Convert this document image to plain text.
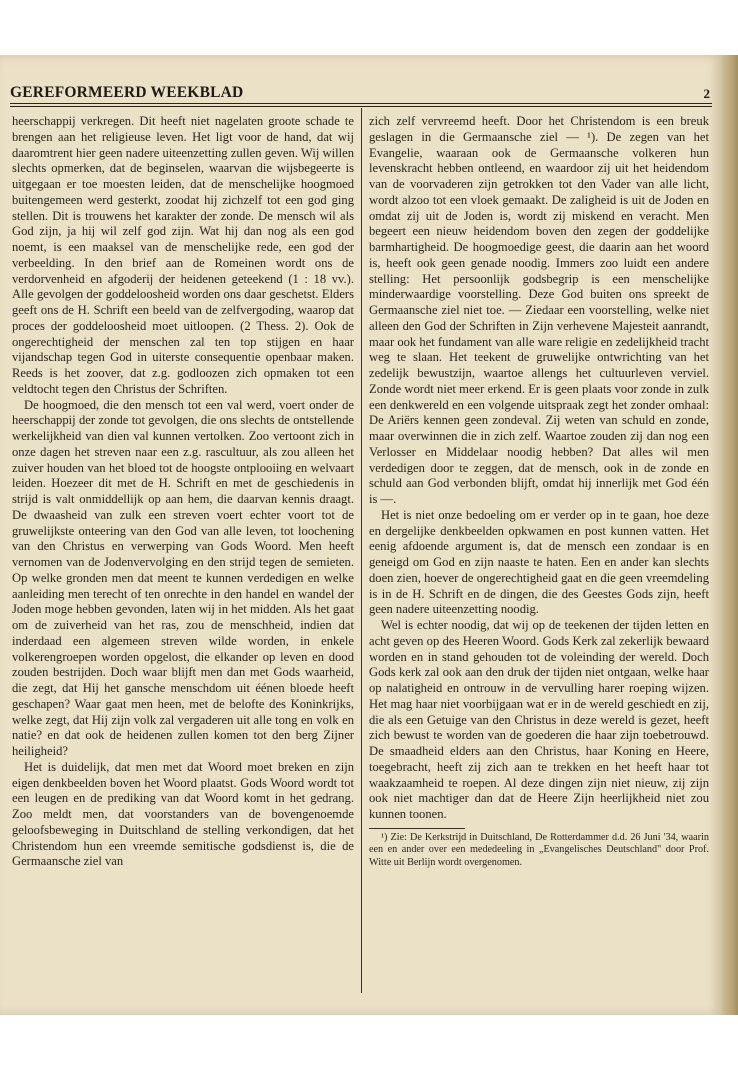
GEREFORMEERD WEEKBLAD	2

heerschappij verkregen. Dit heeft niet nagelaten groote schade te brengen aan het religieuse leven. Het ligt voor de hand, dat wij daaromtrent hier geen nadere uiteenzetting zullen geven. Wij willen slechts opmerken, dat de beginselen, waarvan die wijsbegeerte is uitgegaan er toe moesten leiden, dat de menschelijke hoogmoed buitengemeen werd gesterkt, zoodat hij zichzelf tot een god ging stellen. Dit is trouwens het karakter der zonde. De mensch wil als God zijn, ja hij wil zelf god zijn. Wat hij dan nog als een god noemt, is een maaksel van de menschelijke rede, een god der verbeelding. In den brief aan de Romeinen wordt ons de verdorvenheid en afgoderij der heidenen geteekend (1 : 18 vv.). Alle gevolgen der goddeloosheid worden ons daar geschetst. Elders geeft ons de H. Schrift een beeld van de zelfvergoding, waarop dat proces der goddeloosheid moet uitloopen. (2 Thess. 2). Ook de ongerechtigheid der menschen zal ten top stijgen en haar vijandschap tegen God in uiterste consequentie openbaar maken. Reeds is het zoover, dat z.g. godloozen zich opmaken tot een veldtocht tegen den Christus der Schriften.

De hoogmoed, die den mensch tot een val werd, voert onder de heerschappij der zonde tot gevolgen, die ons slechts de ontstellende werkelijkheid van dien val kunnen vertolken. Zoo vertoont zich in onze dagen het streven naar een z.g. rascultuur, als zou alleen het zuiver houden van het bloed tot de hoogste ontplooiing en welvaart leiden. Hoezeer dit met de H. Schrift en met de geschiedenis in strijd is valt onmiddellijk op aan hem, die daarvan kennis draagt. De dwaasheid van zulk een streven voert echter voort tot de gruwelijkste onteering van den God van alle leven, tot loochening van den Christus en verwerping van Gods Woord. Men heeft vernomen van de Jodenvervolging en den strijd tegen de semieten. Op welke gronden men dat meent te kunnen verdedigen en welke aanleiding men terecht of ten onrechte in den handel en wandel der Joden moge hebben gevonden, laten wij in het midden. Als het gaat om de zuiverheid van het ras, zou de menschheid, indien dat inderdaad een algemeen streven wilde worden, in enkele volkerengroepen worden opgelost, die elkander op leven en dood zouden bestrijden. Doch waar blijft men dan met Gods waarheid, die zegt, dat Hij het gansche menschdom uit éénen bloede heeft geschapen? Waar gaat men heen, met de belofte des Koninkrijks, welke zegt, dat Hij zijn volk zal vergaderen uit alle tong en volk en natie? en dat ook de heidenen zullen komen tot den berg Zijner heiligheid?

Het is duidelijk, dat men met dat Woord moet breken en zijn eigen denkbeelden boven het Woord plaatst. Gods Woord wordt tot een leugen en de prediking van dat Woord komt in het gedrang. Zoo meldt men, dat voorstanders van de bovengenoemde geloofsbeweging in Duitschland de stelling verkondigen, dat het Christendom hun een vreemde semitische godsdienst is, die de Germaansche ziel van

zich zelf vervreemd heeft. Door het Christendom is een breuk geslagen in die Germaansche ziel — ¹). De zegen van het Evangelie, waaraan ook de Germaansche volkeren hun levenskracht hebben ontleend, en waardoor zij uit het heidendom van de voorvaderen zijn getrokken tot den Vader van alle licht, wordt alzoo tot een vloek gemaakt. De zaligheid is uit de Joden en omdat zij uit de Joden is, wordt zij miskend en veracht. Men begeert een nieuw heidendom boven den zegen der goddelijke barmhartigheid. De hoogmoedige geest, die daarin aan het woord is, heeft ook geen genade noodig. Immers zoo luidt een andere stelling: Het persoonlijk godsbegrip is een menschelijke minderwaardige voorstelling. Deze God buiten ons spreekt de Germaansche ziel niet toe. — Ziedaar een voorstelling, welke niet alleen den God der Schriften in Zijn verhevene Majesteit aanrandt, maar ook het fundament van alle ware religie en zedelijkheid tracht weg te slaan. Het teekent de gruwelijke ontwrichting van het zedelijk bewustzijn, waartoe allengs het cultuurleven verviel. Zonde wordt niet meer erkend. Er is geen plaats voor zonde in zulk een denkwereld en een volgende uitspraak zegt het zonder omhaal: De Ariërs kennen geen zondeval. Zij weten van schuld en zonde, maar overwinnen die in zich zelf. Waartoe zouden zij dan nog een Verlosser en Middelaar noodig hebben? Dat alles wil men verdedigen door te zeggen, dat de mensch, ook in de zonde en schuld aan God verbonden blijft, omdat hij innerlijk met God één is —.

Het is niet onze bedoeling om er verder op in te gaan, hoe deze en dergelijke denkbeelden opkwamen en post kunnen vatten. Het eenig afdoende argument is, dat de mensch een zondaar is en geneigd om God en zijn naaste te haten. Een en ander kan slechts doen zien, hoever de ongerechtigheid gaat en die geen vreemdeling is in de H. Schrift en de dingen, die des Geestes Gods zijn, heeft geen nadere uiteenzetting noodig.

Wel is echter noodig, dat wij op de teekenen der tijden letten en acht geven op des Heeren Woord. Gods Kerk zal zekerlijk bewaard worden en in stand gehouden tot de voleinding der wereld. Doch Gods kerk zal ook aan den druk der tijden niet ontgaan, welke haar op nalatigheid en ontrouw in de vervulling harer roeping wijzen. Het mag haar niet voorbijgaan wat er in de wereld geschiedt en zij, die als een Getuige van den Christus in deze wereld is gezet, heeft zich bewust te worden van de goederen die haar zijn toebetrouwd. De smaadheid elders aan den Christus, haar Koning en Heere, toegebracht, heeft zij zich aan te trekken en het heeft haar tot waakzaamheid te roepen. Al deze dingen zijn niet nieuw, zij zijn ook niet machtiger dan dat de Heere Zijn heerlijkheid niet zou kunnen toonen.

¹) Zie: De Kerkstrijd in Duitschland, De Rotterdammer d.d. 26 Juni '34, waarin een en ander over een mededeeling in „Evangelisches Deutschland" door Prof. Witte uit Berlijn wordt overgenomen.
